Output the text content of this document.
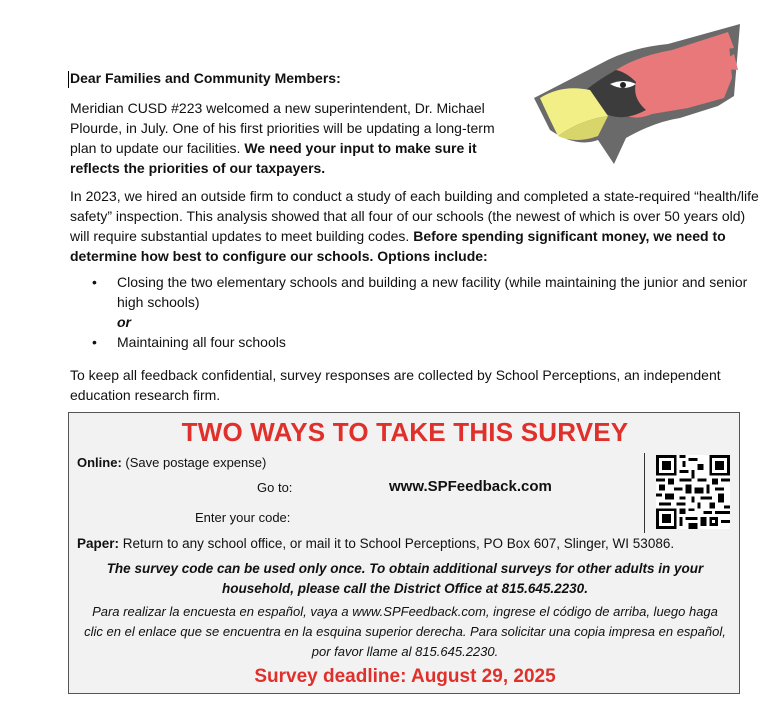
Dear Families and Community Members:
Meridian CUSD #223 welcomed a new superintendent, Dr. Michael Plourde, in July. One of his first priorities will be updating a long-term plan to update our facilities. We need your input to make sure it reflects the priorities of our taxpayers.
In 2023, we hired an outside firm to conduct a study of each building and completed a state-required “health/life safety” inspection. This analysis showed that all four of our schools (the newest of which is over 50 years old) will require substantial updates to meet building codes. Before spending significant money, we need to determine how best to configure our schools. Options include:
• Closing the two elementary schools and building a new facility (while maintaining the junior and senior high schools)
or
• Maintaining all four schools
To keep all feedback confidential, survey responses are collected by School Perceptions, an independent education research firm.
TWO WAYS TO TAKE THIS SURVEY
Online: (Save postage expense)
Go to:	www.SPFeedback.com
Enter your code:
Paper: Return to any school office, or mail it to School Perceptions, PO Box 607, Slinger, WI 53086.
The survey code can be used only once. To obtain additional surveys for other adults in your household, please call the District Office at 815.645.2230.
Para realizar la encuesta en español, vaya a www.SPFeedback.com, ingrese el código de arriba, luego haga clic en el enlace que se encuentra en la esquina superior derecha. Para solicitar una copia impresa en español, por favor llame al 815.645.2230.
Survey deadline: August 29, 2025
